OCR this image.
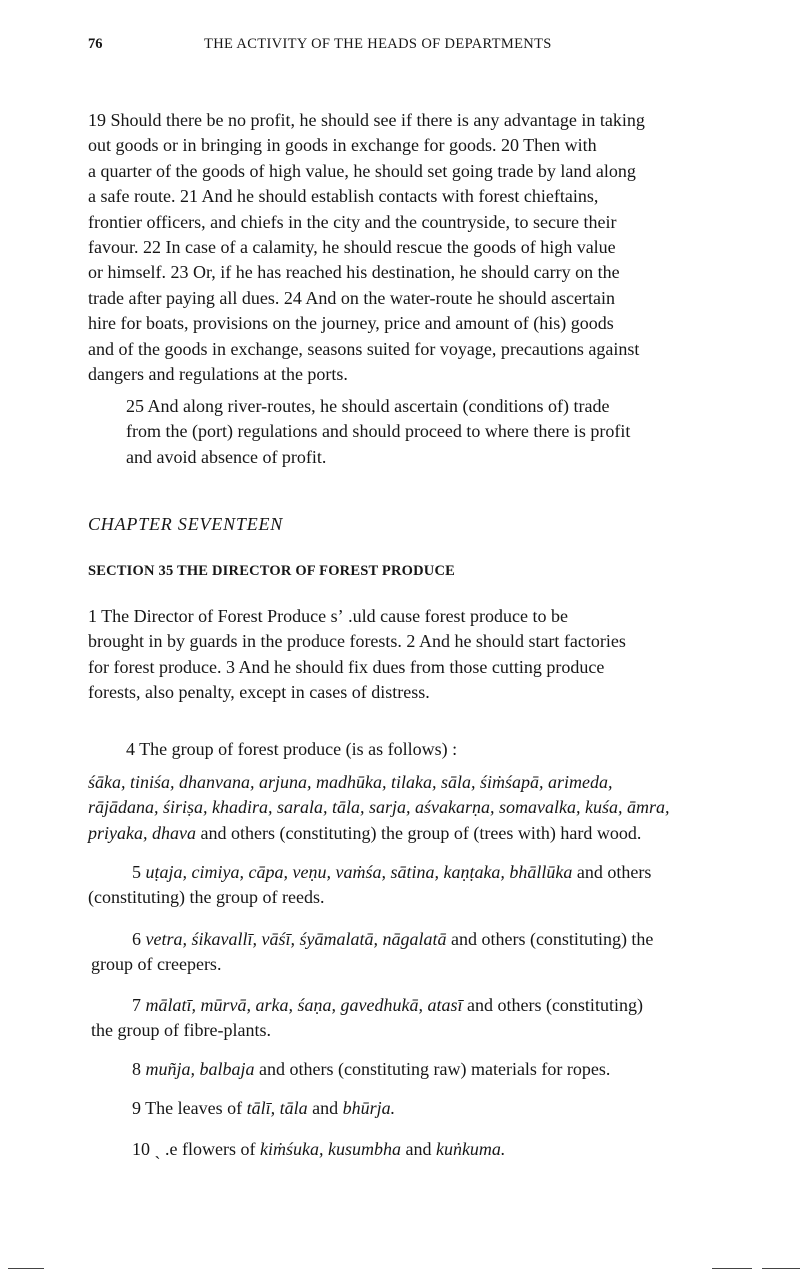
76	THE ACTIVITY OF THE HEADS OF DEPARTMENTS

19 Should there be no profit, he should see if there is any advantage in taking
out goods or in bringing in goods in exchange for goods. 20 Then with
a quarter of the goods of high value, he should set going trade by land along
a safe route. 21 And he should establish contacts with forest chieftains,
frontier officers, and chiefs in the city and the countryside, to secure their
favour. 22 In case of a calamity, he should rescue the goods of high value
or himself. 23 Or, if he has reached his destination, he should carry on the
trade after paying all dues. 24 And on the water-route he should ascertain
hire for boats, provisions on the journey, price and amount of (his) goods
and of the goods in exchange, seasons suited for voyage, precautions against
dangers and regulations at the ports.

25 And along river-routes, he should ascertain (conditions of) trade
from the (port) regulations and should proceed to where there is profit
and avoid absence of profit.

CHAPTER SEVENTEEN
SECTION 35 THE DIRECTOR OF FOREST PRODUCE

1 The Director of Forest Produce sʼ .uld cause forest produce to be
brought in by guards in the produce forests. 2 And he should start factories
for forest produce. 3 And he should fix dues from those cutting produce
forests, also penalty, except in cases of distress.

4 The group of forest produce (is as follows) :

śāka, tiniśa, dhanvana, arjuna, madhūka, tilaka, sāla, śiṁśapā, arimeda,
rājādana, śiriṣa, khadira, sarala, tāla, sarja, aśvakarṇa, somavalka, kuśa, āmra,
priyaka, dhava and others (constituting) the group of (trees with) hard wood.

5 uṭaja, cimiya, cāpa, veṇu, vaṁśa, sātina, kaṇṭaka, bhāllūka and others
(constituting) the group of reeds.

6 vetra, śikavallī, vāśī, śyāmalatā, nāgalatā and others (constituting) the
group of creepers.

7 mālatī, mūrvā, arka, śaṇa, gavedhukā, atasī and others (constituting)
the group of fibre-plants.

8 muñja, balbaja and others (constituting raw) materials for ropes.

9 The leaves of tālī, tāla and bhūrja.

10 ˎ .e flowers of kiṁśuka, kusumbha and kuṅkuma.
